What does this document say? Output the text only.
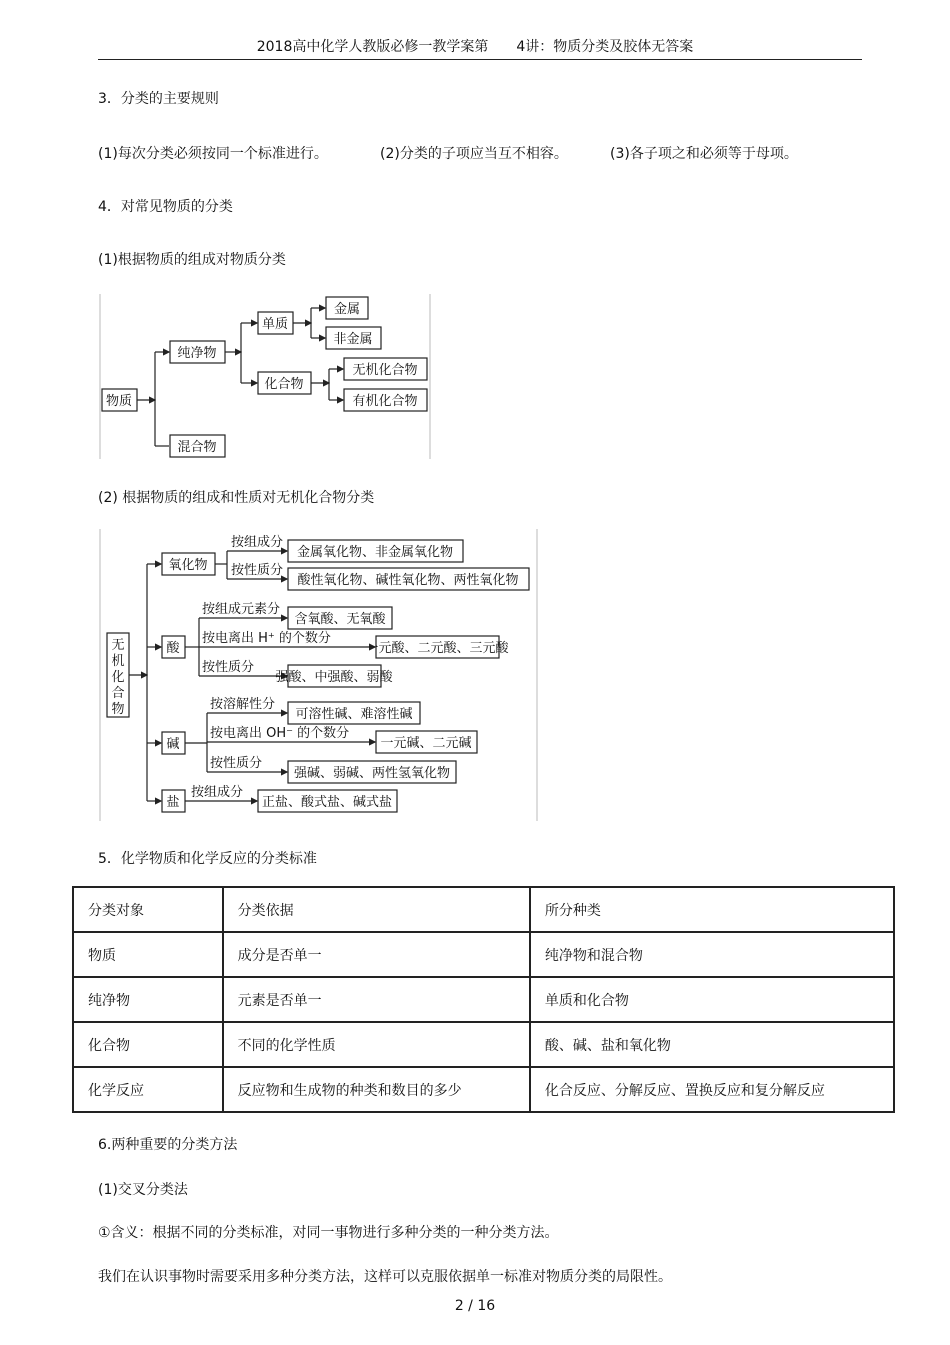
2018高中化学人教版必修一教学案第　　4讲：物质分类及胶体无答案
3．分类的主要规则
(1)每次分类必须按同一个标准进行。	(2)分类的子项应当互不相容。	(3)各子项之和必须等于母项。
4．对常见物质的分类
(1)根据物质的组成对物质分类
物质
纯净物
混合物
单质
化合物
金属
非金属
无机化合物
有机化合物
(2) 根据物质的组成和性质对无机化合物分类
无
机
化
合
物
氧化物
按组成分
金属氧化物、非金属氧化物
按性质分
酸性氧化物、碱性氧化物、两性氧化物
酸
按组成元素分
含氧酸、无氧酸
按电离出 H⁺ 的个数分
一元酸、二元酸、三元酸
按性质分
强酸、中强酸、弱酸
碱
按溶解性分
可溶性碱、难溶性碱
按电离出 OH⁻ 的个数分
一元碱、二元碱
按性质分
强碱、弱碱、两性氢氧化物
盐
按组成分
正盐、酸式盐、碱式盐
5．化学物质和化学反应的分类标准
分类对象	分类依据	所分种类
物质	成分是否单一	纯净物和混合物
纯净物	元素是否单一	单质和化合物
化合物	不同的化学性质	酸、碱、盐和氧化物
化学反应	反应物和生成物的种类和数目的多少	化合反应、分解反应、置换反应和复分解反应
6.两种重要的分类方法
(1)交叉分类法
①含义：根据不同的分类标准，对同一事物进行多种分类的一种分类方法。
我们在认识事物时需要采用多种分类方法，这样可以克服依据单一标准对物质分类的局限性。
2 / 16
